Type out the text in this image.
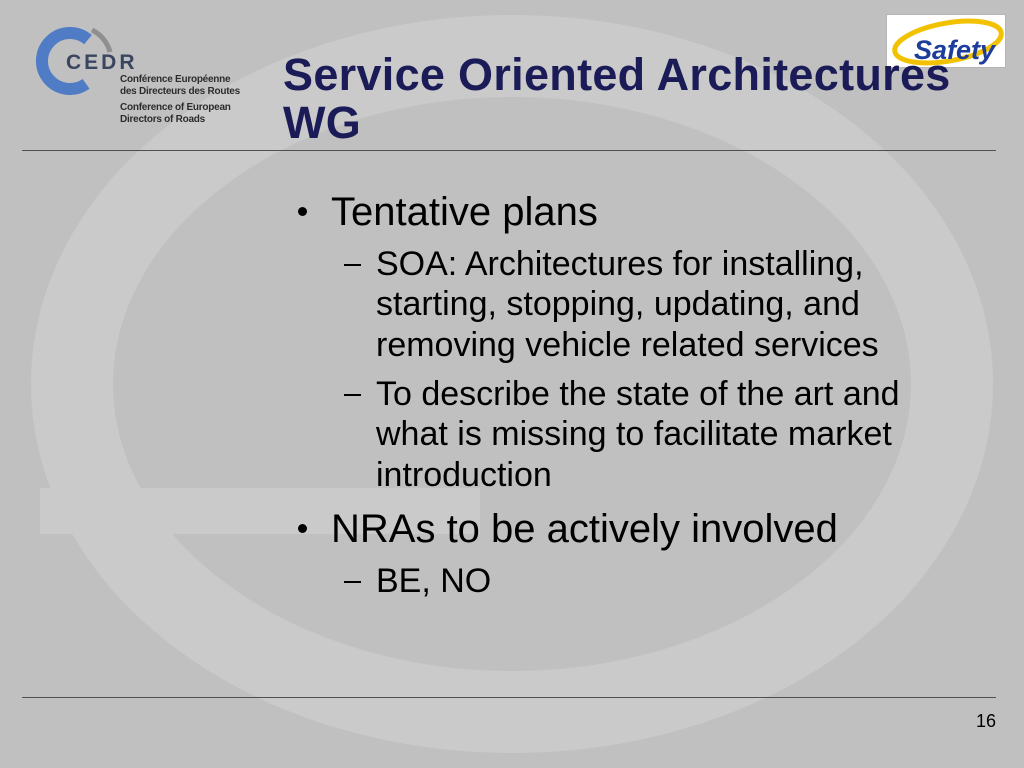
CEDR
Conférence Européenne
des Directeurs des Routes
Conference of European
Directors of Roads
Safety
Service Oriented Architectures WG
Tentative plans
SOA: Architectures for installing, starting, stopping, updating, and removing vehicle related services
To describe the state of the art and what is missing to facilitate market introduction
NRAs to be actively involved
BE, NO
16
